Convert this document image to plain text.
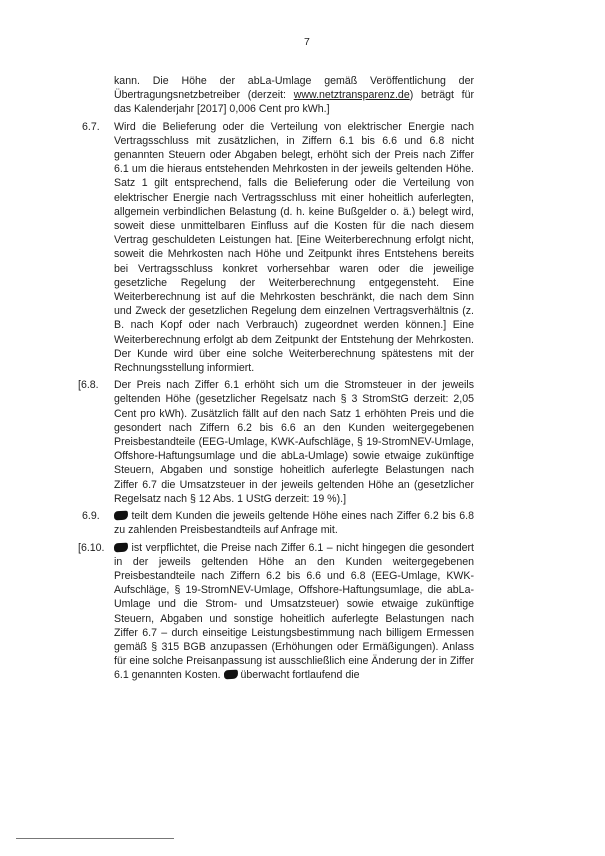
7
kann. Die Höhe der abLa-Umlage gemäß Veröffentlichung der Übertragungsnetzbetreiber (derzeit: www.netztransparenz.de) beträgt für das Kalenderjahr [2017] 0,006 Cent pro kWh.]
6.7. Wird die Belieferung oder die Verteilung von elektrischer Energie nach Vertragsschluss mit zusätzlichen, in Ziffern 6.1 bis 6.6 und 6.8 nicht genannten Steuern oder Abgaben belegt, erhöht sich der Preis nach Ziffer 6.1 um die hieraus entstehenden Mehrkosten in der jeweils geltenden Höhe. Satz 1 gilt entsprechend, falls die Belieferung oder die Verteilung von elektrischer Energie nach Vertragsschluss mit einer hoheitlich auferlegten, allgemein verbindlichen Belastung (d. h. keine Bußgelder o. ä.) belegt wird, soweit diese unmittelbaren Einfluss auf die Kosten für die nach diesem Vertrag geschuldeten Leistungen hat. [Eine Weiterberechnung erfolgt nicht, soweit die Mehrkosten nach Höhe und Zeitpunkt ihres Entstehens bereits bei Vertragsschluss konkret vorhersehbar waren oder die jeweilige gesetzliche Regelung der Weiterberechnung entgegensteht. Eine Weiterberechnung ist auf die Mehrkosten beschränkt, die nach dem Sinn und Zweck der gesetzlichen Regelung dem einzelnen Vertragsverhältnis (z. B. nach Kopf oder nach Verbrauch) zugeordnet werden können.] Eine Weiterberechnung erfolgt ab dem Zeitpunkt der Entstehung der Mehrkosten. Der Kunde wird über eine solche Weiterberechnung spätestens mit der Rechnungsstellung informiert.
[6.8. Der Preis nach Ziffer 6.1 erhöht sich um die Stromsteuer in der jeweils geltenden Höhe (gesetzlicher Regelsatz nach § 3 StromStG derzeit: 2,05 Cent pro kWh). Zusätzlich fällt auf den nach Satz 1 erhöhten Preis und die gesondert nach Ziffern 6.2 bis 6.6 an den Kunden weitergegebenen Preisbestandteile (EEG-Umlage, KWK-Aufschläge, § 19-StromNEV-Umlage, Offshore-Haftungsumlage und die abLa-Umlage) sowie etwaige zukünftige Steuern, Abgaben und sonstige hoheitlich auferlegte Belastungen nach Ziffer 6.7 die Umsatzsteuer in der jeweils geltenden Höhe an (gesetzlicher Regelsatz nach § 12 Abs. 1 UStG derzeit: 19 %).]
6.9.	teilt dem Kunden die jeweils geltende Höhe eines nach Ziffer 6.2 bis 6.8 zu zahlenden Preisbestandteils auf Anfrage mit.
[6.10. ist verpflichtet, die Preise nach Ziffer 6.1 – nicht hingegen die gesondert in der jeweils geltenden Höhe an den Kunden weitergegebenen Preisbestandteile nach Ziffern 6.2 bis 6.6 und 6.8 (EEG-Umlage, KWK-Aufschläge, § 19-StromNEV-Umlage, Offshore-Haftungsumlage, die abLa-Umlage und die Strom- und Umsatzsteuer) sowie etwaige zukünftige Steuern, Abgaben und sonstige hoheitlich auferlegte Belastungen nach Ziffer 6.7 – durch einseitige Leistungsbestimmung nach billigem Ermessen gemäß § 315 BGB anzupassen (Erhöhungen oder Ermäßigungen). Anlass für eine solche Preisanpassung ist ausschließlich eine Änderung der in Ziffer 6.1 genannten Kosten.  überwacht fortlaufend die
